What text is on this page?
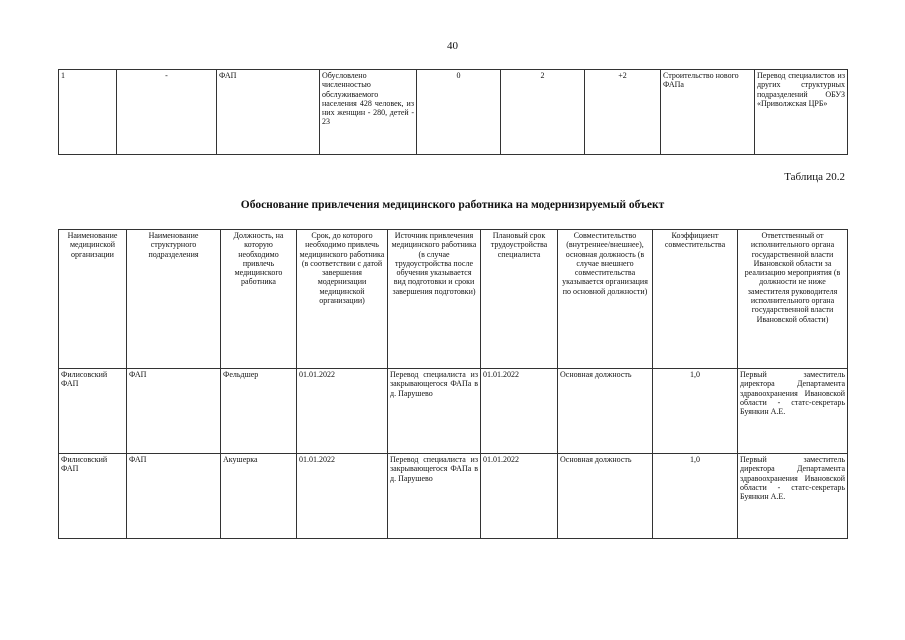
40
1	-	ФАП	Обусловлено численностью обслуживаемого населения 428 человек, из них женщин - 280, детей - 23	0	2	+2	Строительство нового ФАПа	Перевод специалистов из других структурных подразделений ОБУЗ «Приволжская ЦРБ»
Таблица 20.2
Обоснование привлечения медицинского работника на модернизируемый объект
Наименование медицинской организации	Наименование структурного подразделения	Должность, на которую необходимо привлечь медицинского работника	Срок, до которого необходимо привлечь медицинского работника (в соответствии с датой завершения модернизации медицинской организации)	Источник привлечения медицинского работника (в случае трудоустройства после обучения указывается вид подготовки и сроки завершения подготовки)	Плановый срок трудоустройства специалиста	Совместительство (внутреннее/внешнее), основная должность (в случае внешнего совместительства указывается организация по основной должности)	Коэффициент совместительства	Ответственный от исполнительного органа государственной власти Ивановской области за реализацию мероприятия (в должности не ниже заместителя руководителя исполнительного органа государственной власти Ивановской области)
Филисовский ФАП	ФАП	Фельдшер	01.01.2022	Перевод специалиста из закрывающегося ФАПа в д. Парушево	01.01.2022	Основная должность	1,0	Первый заместитель директора Департамента здравоохранения Ивановской области - статс-секретарь Буянкин А.Е.
Филисовский ФАП	ФАП	Акушерка	01.01.2022	Перевод специалиста из закрывающегося ФАПа в д. Парушево	01.01.2022	Основная должность	1,0	Первый заместитель директора Департамента здравоохранения Ивановской области - статс-секретарь Буянкин А.Е.
